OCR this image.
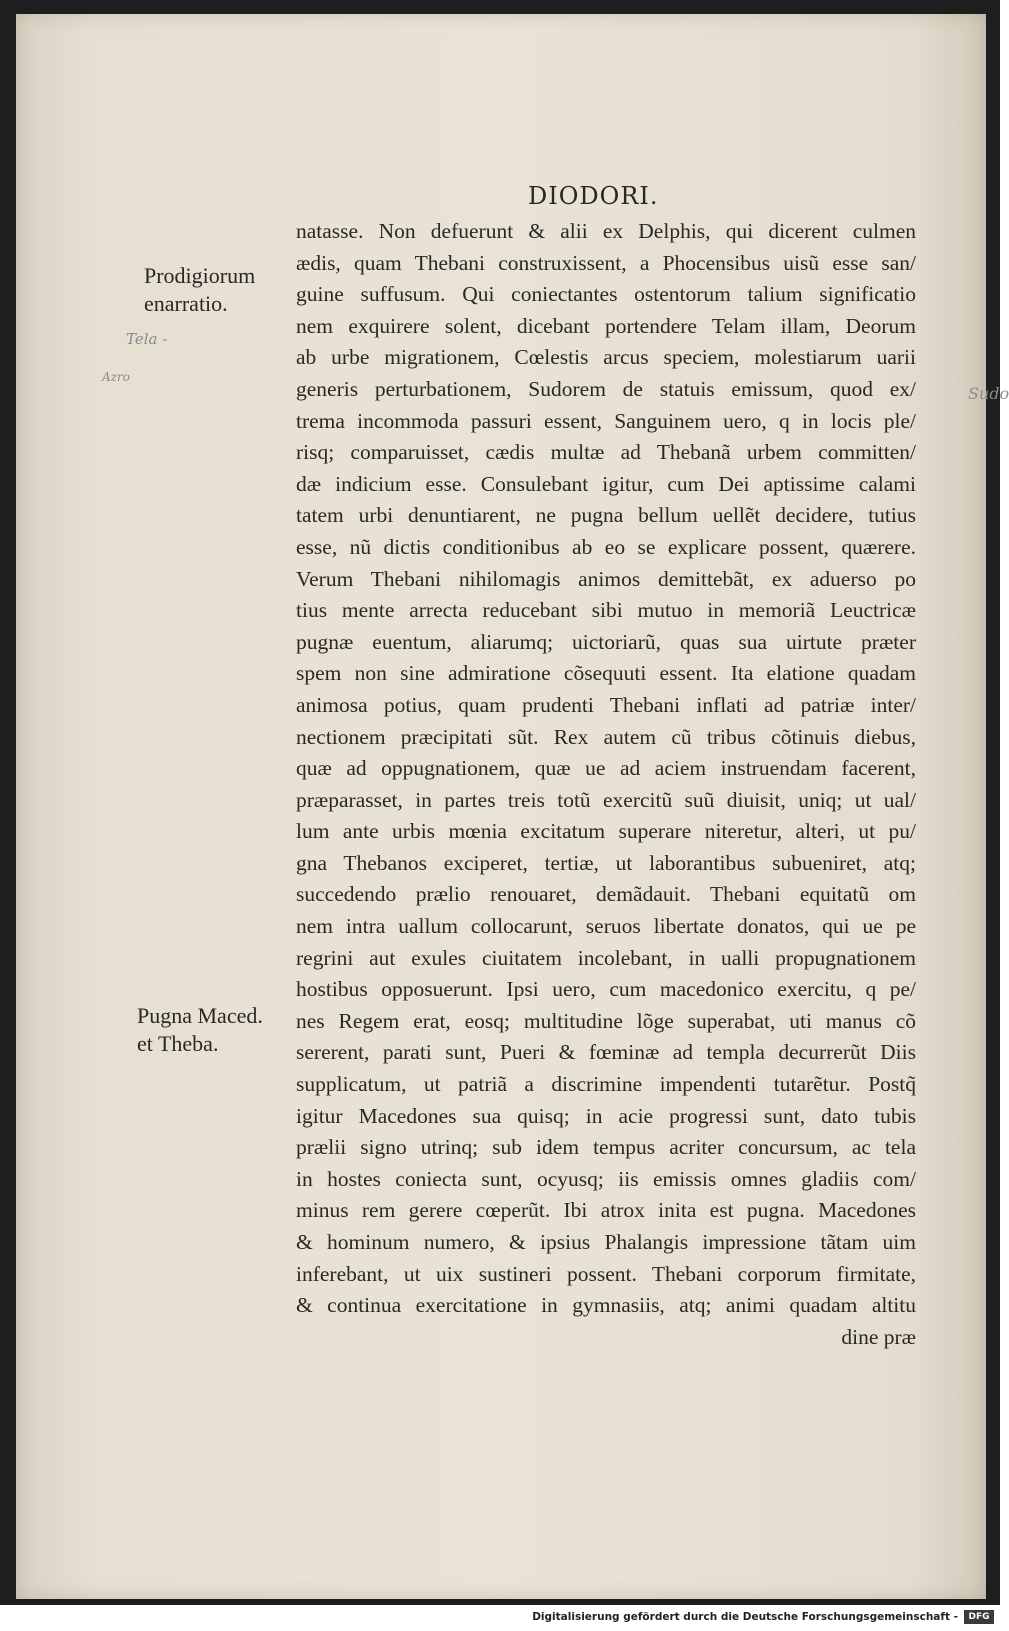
DIODORI.
Prodigiorum
enarratio.
Pugna Maced.
et Theba.
Tela -
Azro
Sudo
natasse. Non defuerunt & alii ex Delphis, qui dicerent culmen
ædis, quam Thebani construxissent, a Phocensibus uisũ esse san/
guine suffusum. Qui coniectantes ostentorum talium significatio
nem exquirere solent, dicebant portendere Telam illam, Deorum
ab urbe migrationem, Cœlestis arcus speciem, molestiarum uarii
generis perturbationem, Sudorem de statuis emissum, quod ex/
trema incommoda passuri essent, Sanguinem uero, q in locis ple/
risq; comparuisset, cædis multæ ad Thebanã urbem committen/
dæ indicium esse. Consulebant igitur, cum Dei aptissime calami
tatem urbi denuntiarent, ne pugna bellum uellẽt decidere, tutius
esse, nũ dictis conditionibus ab eo se explicare possent, quærere.
Verum Thebani nihilomagis animos demittebãt, ex aduerso po
tius mente arrecta reducebant sibi mutuo in memoriã Leuctricæ
pugnæ euentum, aliarumq; uictoriarũ, quas sua uirtute præter
spem non sine admiratione cõsequuti essent. Ita elatione quadam
animosa potius, quam prudenti Thebani inflati ad patriæ inter/
nectionem præcipitati sũt. Rex autem cũ tribus cõtinuis diebus,
quæ ad oppugnationem, quæ ue ad aciem instruendam facerent,
præparasset, in partes treis totũ exercitũ suũ diuisit, uniq; ut ual/
lum ante urbis mœnia excitatum superare niteretur, alteri, ut pu/
gna Thebanos exciperet, tertiæ, ut laborantibus subueniret, atq;
succedendo prælio renouaret, demãdauit. Thebani equitatũ om
nem intra uallum collocarunt, seruos libertate donatos, qui ue pe
regrini aut exules ciuitatem incolebant, in ualli propugnationem
hostibus opposuerunt. Ipsi uero, cum macedonico exercitu, q pe/
nes Regem erat, eosq; multitudine lõge superabat, uti manus cõ
sererent, parati sunt, Pueri & fœminæ ad templa decurrerũt Diis
supplicatum, ut patriã a discrimine impendenti tutarẽtur. Postq̃
igitur Macedones sua quisq; in acie progressi sunt, dato tubis
prælii signo utrinq; sub idem tempus acriter concursum, ac tela
in hostes coniecta sunt, ocyusq; iis emissis omnes gladiis com/
minus rem gerere cœperũt. Ibi atrox inita est pugna. Macedones
& hominum numero, & ipsius Phalangis impressione tãtam uim
inferebant, ut uix sustineri possent. Thebani corporum firmitate,
& continua exercitatione in gymnasiis, atq; animi quadam altitu
dine præ
Digitalisierung gefördert durch die Deutsche Forschungsgemeinschaft -	DFG
